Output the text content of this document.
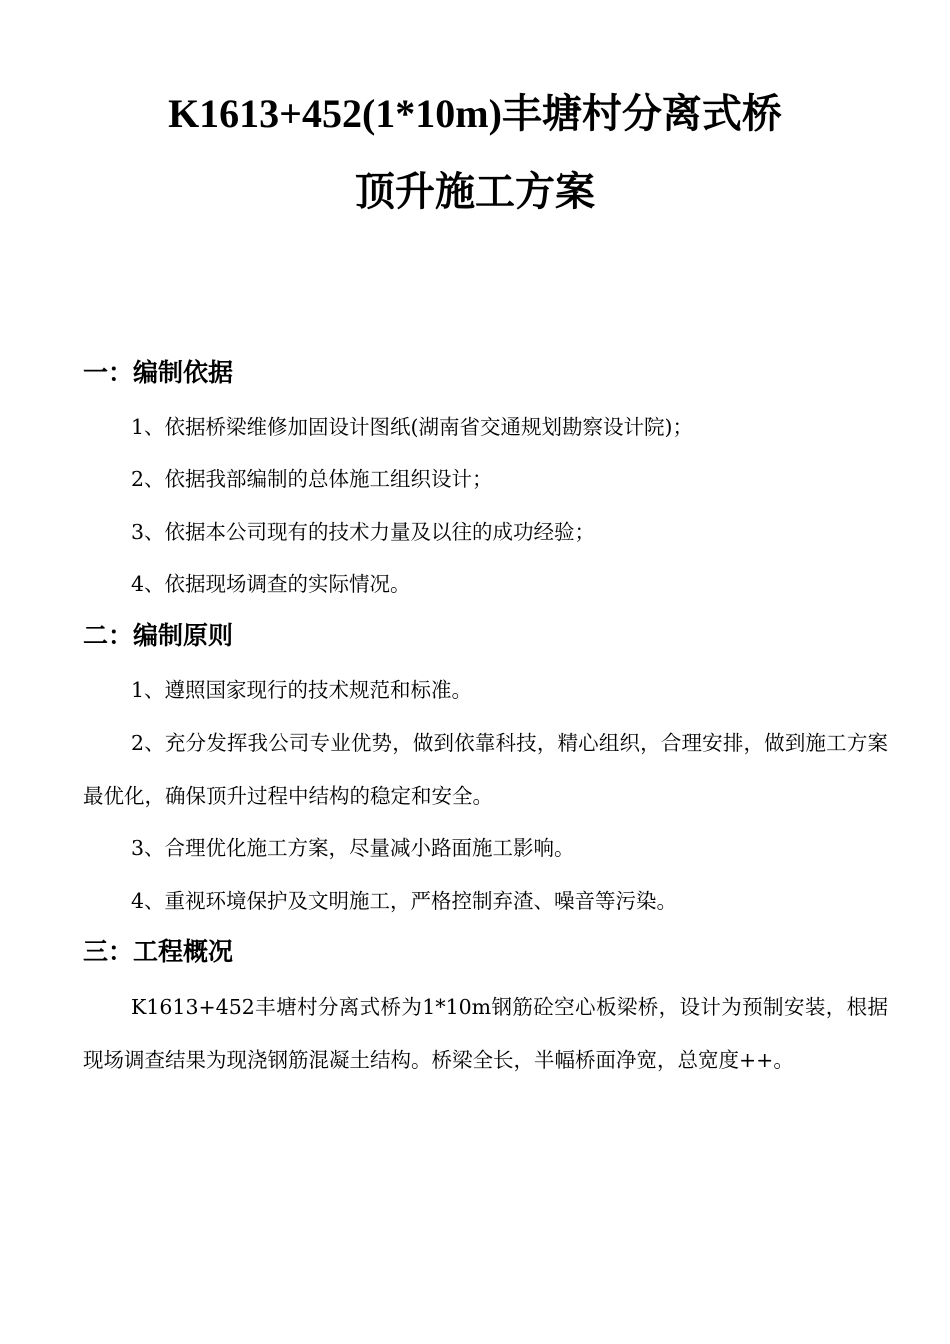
K1613+452(1*10m)丰塘村分离式桥
顶升施工方案
一：编制依据

1、依据桥梁维修加固设计图纸(湖南省交通规划勘察设计院)；

2、依据我部编制的总体施工组织设计；

3、依据本公司现有的技术力量及以往的成功经验；

4、依据现场调查的实际情况。

二：编制原则

1、遵照国家现行的技术规范和标准。

2、充分发挥我公司专业优势，做到依靠科技，精心组织，合理安排，做到施工方案最优化，确保顶升过程中结构的稳定和安全。

3、合理优化施工方案，尽量减小路面施工影响。

4、重视环境保护及文明施工，严格控制弃渣、噪音等污染。

三：工程概况

K1613+452丰塘村分离式桥为1*10m钢筋砼空心板梁桥，设计为预制安装，根据现场调查结果为现浇钢筋混凝土结构。桥梁全长，半幅桥面净宽，总宽度++。
